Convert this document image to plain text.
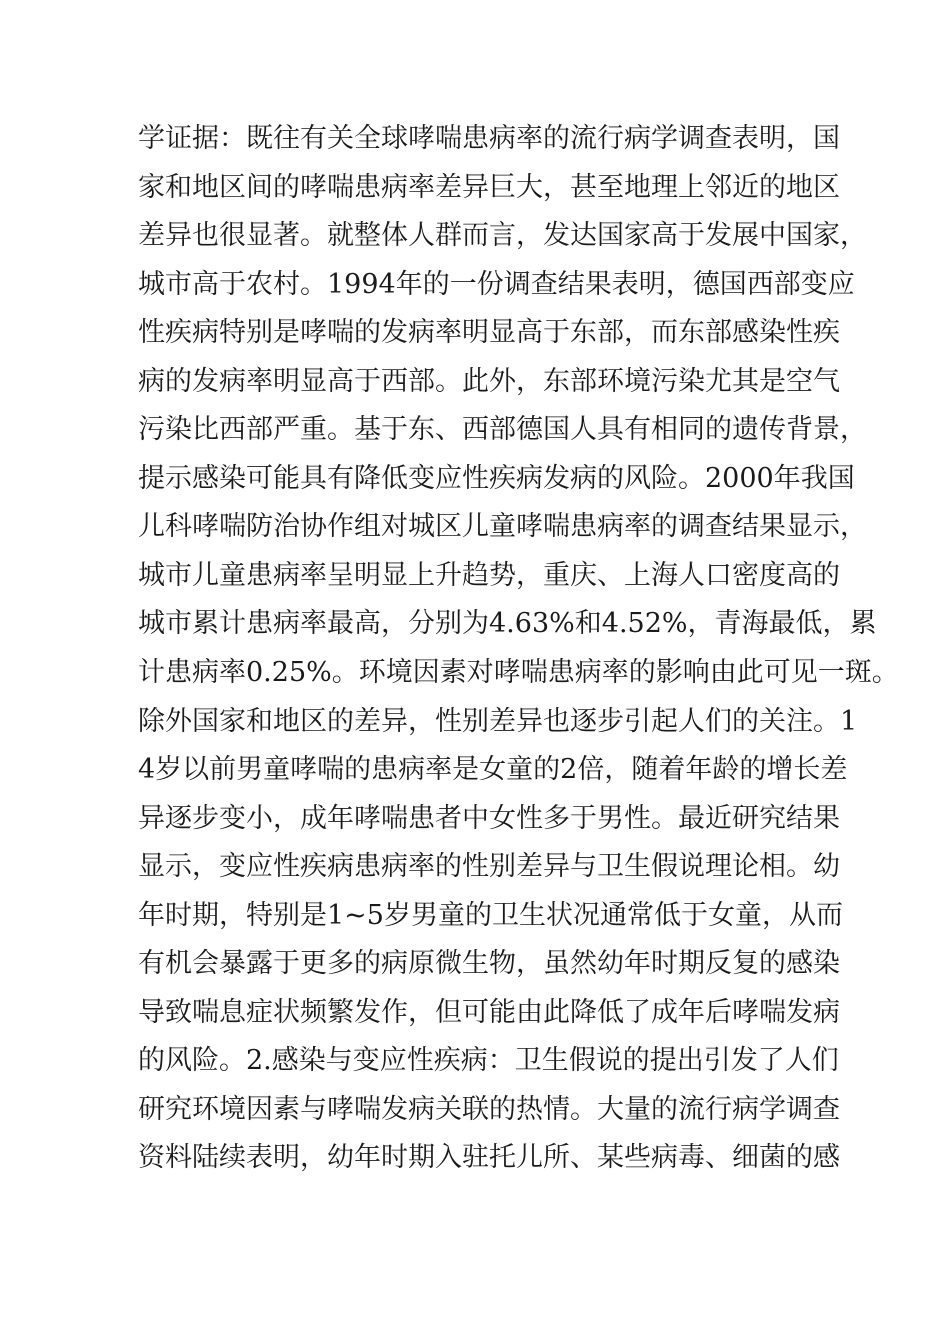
学证据：既往有关全球哮喘患病率的流行病学调查表明，国
家和地区间的哮喘患病率差异巨大，甚至地理上邻近的地区
差异也很显著。就整体人群而言，发达国家高于发展中国家，
城市高于农村。1994年的一份调查结果表明，德国西部变应
性疾病特别是哮喘的发病率明显高于东部，而东部感染性疾
病的发病率明显高于西部。此外，东部环境污染尤其是空气
污染比西部严重。基于东、西部德国人具有相同的遗传背景，
提示感染可能具有降低变应性疾病发病的风险。2000年我国
儿科哮喘防治协作组对城区儿童哮喘患病率的调查结果显示，
城市儿童患病率呈明显上升趋势，重庆、上海人口密度高的
城市累计患病率最高，分别为4.63%和4.52%，青海最低，累
计患病率0.25%。环境因素对哮喘患病率的影响由此可见一斑。
除外国家和地区的差异，性别差异也逐步引起人们的关注。1
4岁以前男童哮喘的患病率是女童的2倍，随着年龄的增长差
异逐步变小，成年哮喘患者中女性多于男性。最近研究结果
显示，变应性疾病患病率的性别差异与卫生假说理论相。幼
年时期，特别是1~5岁男童的卫生状况通常低于女童，从而
有机会暴露于更多的病原微生物，虽然幼年时期反复的感染
导致喘息症状频繁发作，但可能由此降低了成年后哮喘发病
的风险。2.感染与变应性疾病：卫生假说的提出引发了人们
研究环境因素与哮喘发病关联的热情。大量的流行病学调查
资料陆续表明，幼年时期入驻托儿所、某些病毒、细菌的感
